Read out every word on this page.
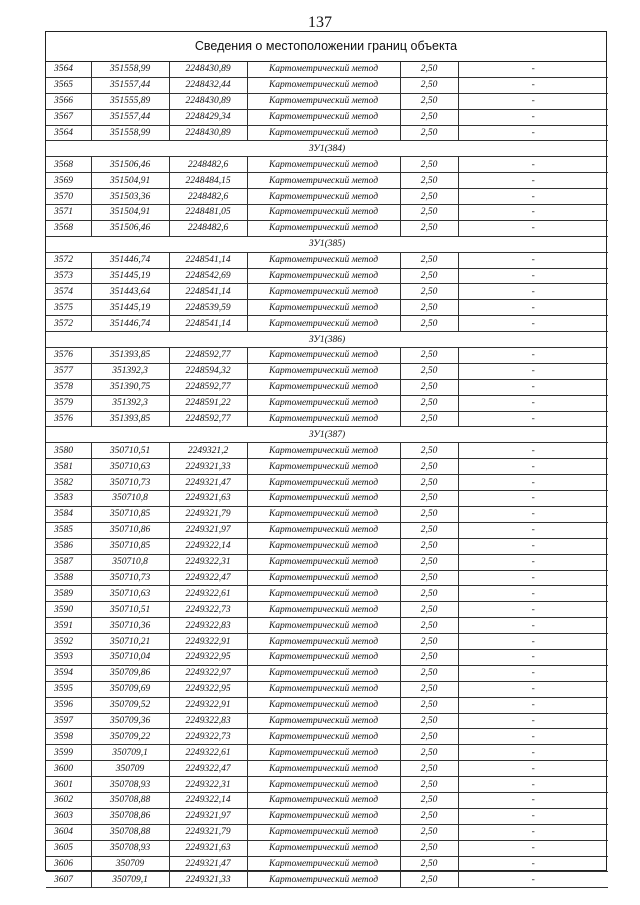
137
Сведения о местоположении границ объекта
3564	351558,99	2248430,89	Картометрический метод	2,50	-
3565	351557,44	2248432,44	Картометрический метод	2,50	-
3566	351555,89	2248430,89	Картометрический метод	2,50	-
3567	351557,44	2248429,34	Картометрический метод	2,50	-
3564	351558,99	2248430,89	Картометрический метод	2,50	-
ЗУ1(384)					
3568	351506,46	2248482,6	Картометрический метод	2,50	-
3569	351504,91	2248484,15	Картометрический метод	2,50	-
3570	351503,36	2248482,6	Картометрический метод	2,50	-
3571	351504,91	2248481,05	Картометрический метод	2,50	-
3568	351506,46	2248482,6	Картометрический метод	2,50	-
ЗУ1(385)					
3572	351446,74	2248541,14	Картометрический метод	2,50	-
3573	351445,19	2248542,69	Картометрический метод	2,50	-
3574	351443,64	2248541,14	Картометрический метод	2,50	-
3575	351445,19	2248539,59	Картометрический метод	2,50	-
3572	351446,74	2248541,14	Картометрический метод	2,50	-
ЗУ1(386)					
3576	351393,85	2248592,77	Картометрический метод	2,50	-
3577	351392,3	2248594,32	Картометрический метод	2,50	-
3578	351390,75	2248592,77	Картометрический метод	2,50	-
3579	351392,3	2248591,22	Картометрический метод	2,50	-
3576	351393,85	2248592,77	Картометрический метод	2,50	-
ЗУ1(387)					
3580	350710,51	2249321,2	Картометрический метод	2,50	-
3581	350710,63	2249321,33	Картометрический метод	2,50	-
3582	350710,73	2249321,47	Картометрический метод	2,50	-
3583	350710,8	2249321,63	Картометрический метод	2,50	-
3584	350710,85	2249321,79	Картометрический метод	2,50	-
3585	350710,86	2249321,97	Картометрический метод	2,50	-
3586	350710,85	2249322,14	Картометрический метод	2,50	-
3587	350710,8	2249322,31	Картометрический метод	2,50	-
3588	350710,73	2249322,47	Картометрический метод	2,50	-
3589	350710,63	2249322,61	Картометрический метод	2,50	-
3590	350710,51	2249322,73	Картометрический метод	2,50	-
3591	350710,36	2249322,83	Картометрический метод	2,50	-
3592	350710,21	2249322,91	Картометрический метод	2,50	-
3593	350710,04	2249322,95	Картометрический метод	2,50	-
3594	350709,86	2249322,97	Картометрический метод	2,50	-
3595	350709,69	2249322,95	Картометрический метод	2,50	-
3596	350709,52	2249322,91	Картометрический метод	2,50	-
3597	350709,36	2249322,83	Картометрический метод	2,50	-
3598	350709,22	2249322,73	Картометрический метод	2,50	-
3599	350709,1	2249322,61	Картометрический метод	2,50	-
3600	350709	2249322,47	Картометрический метод	2,50	-
3601	350708,93	2249322,31	Картометрический метод	2,50	-
3602	350708,88	2249322,14	Картометрический метод	2,50	-
3603	350708,86	2249321,97	Картометрический метод	2,50	-
3604	350708,88	2249321,79	Картометрический метод	2,50	-
3605	350708,93	2249321,63	Картометрический метод	2,50	-
3606	350709	2249321,47	Картометрический метод	2,50	-
3607	350709,1	2249321,33	Картометрический метод	2,50	-
